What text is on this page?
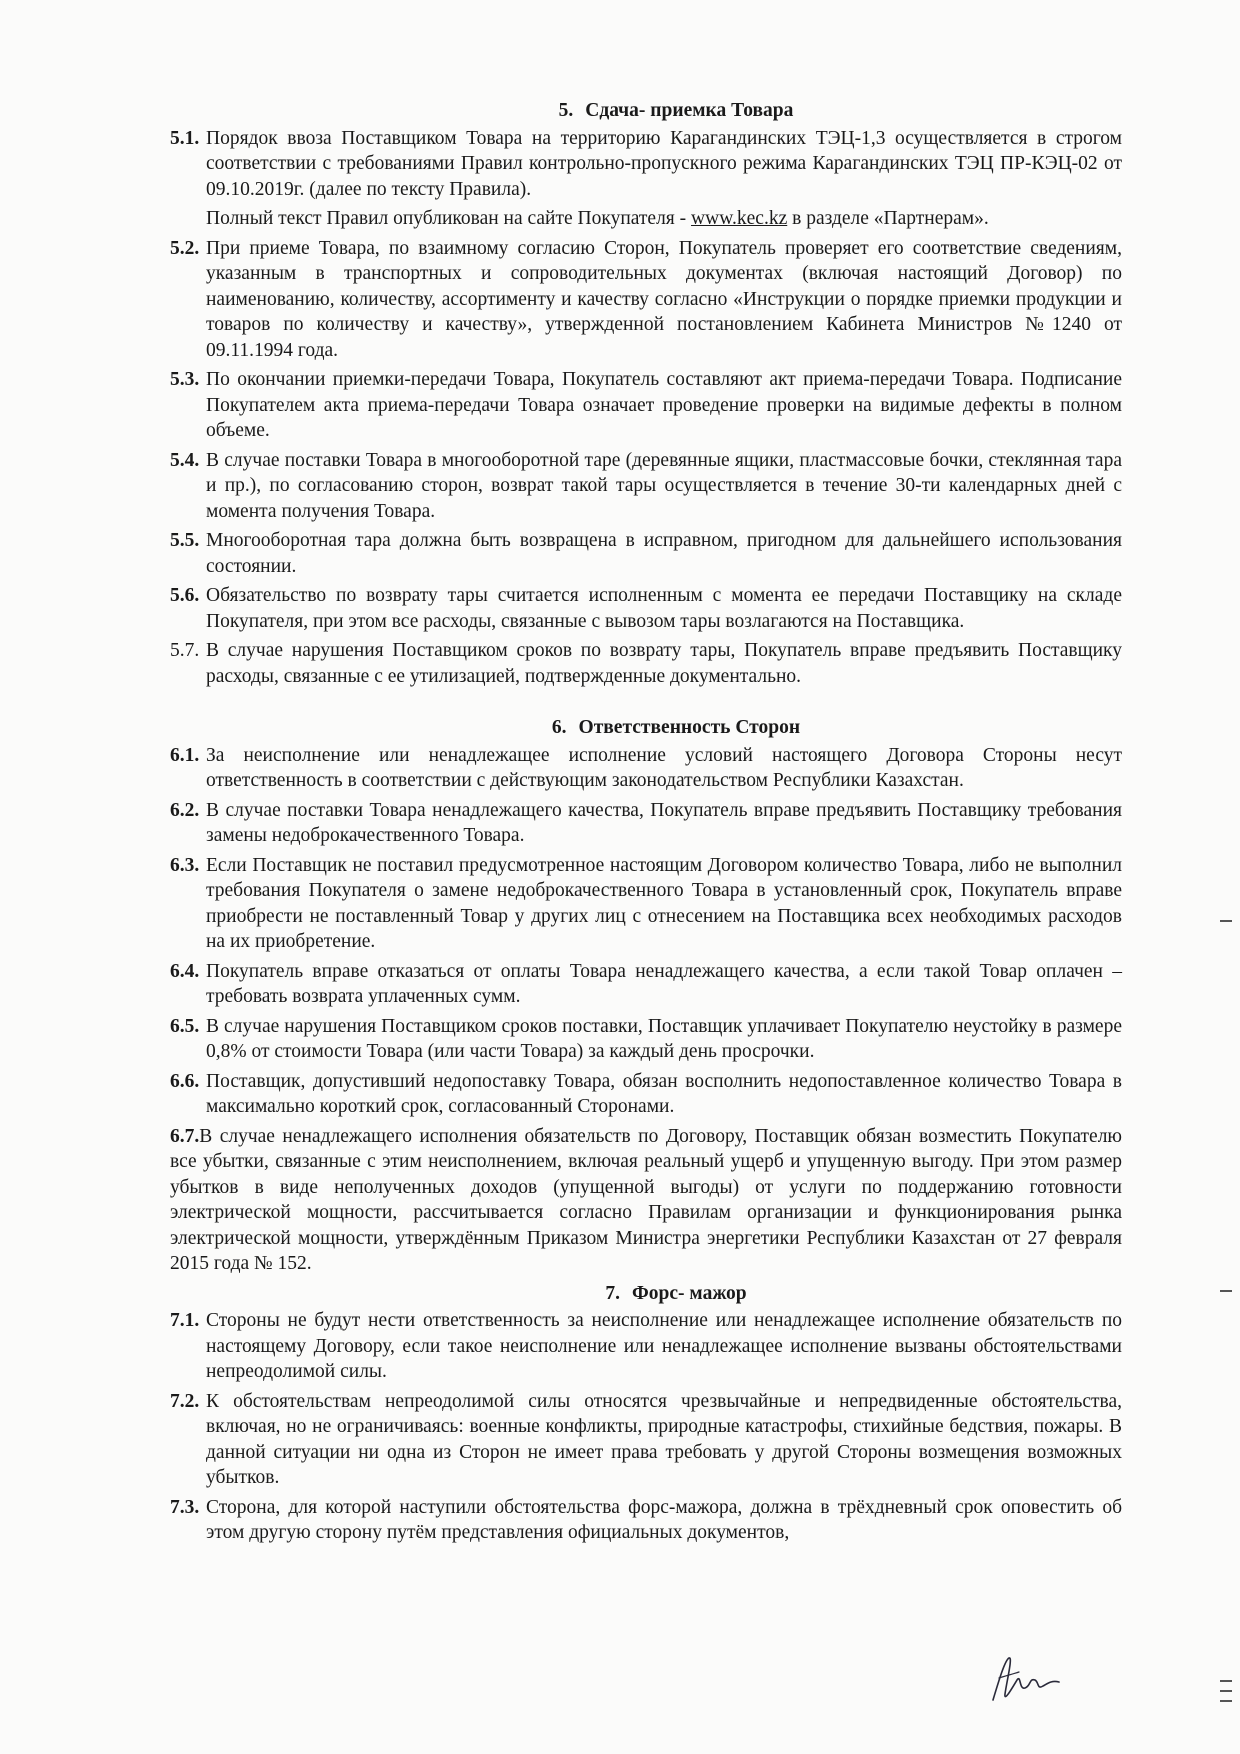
5. Сдача- приемка Товара
5.1. Порядок ввоза Поставщиком Товара на территорию Карагандинских ТЭЦ-1,3 осуществляется в строгом соответствии с требованиями Правил контрольно-пропускного режима Карагандинских ТЭЦ ПР-КЭЦ-02 от 09.10.2019г. (далее по тексту Правила).
Полный текст Правил опубликован на сайте Покупателя - www.kec.kz в разделе «Партнерам».
5.2. При приеме Товара, по взаимному согласию Сторон, Покупатель проверяет его соответствие сведениям, указанным в транспортных и сопроводительных документах (включая настоящий Договор) по наименованию, количеству, ассортименту и качеству согласно «Инструкции о порядке приемки продукции и товаров по количеству и качеству», утвержденной постановлением Кабинета Министров №1240 от 09.11.1994 года.
5.3. По окончании приемки-передачи Товара, Покупатель составляют акт приема-передачи Товара. Подписание Покупателем акта приема-передачи Товара означает проведение проверки на видимые дефекты в полном объеме.
5.4. В случае поставки Товара в многооборотной таре (деревянные ящики, пластмассовые бочки, стеклянная тара и пр.), по согласованию сторон, возврат такой тары осуществляется в течение 30-ти календарных дней с момента получения Товара.
5.5. Многооборотная тара должна быть возвращена в исправном, пригодном для дальнейшего использования состоянии.
5.6. Обязательство по возврату тары считается исполненным с момента ее передачи Поставщику на складе Покупателя, при этом все расходы, связанные с вывозом тары возлагаются на Поставщика.
5.7. В случае нарушения Поставщиком сроков по возврату тары, Покупатель вправе предъявить Поставщику расходы, связанные с ее утилизацией, подтвержденные документально.
6. Ответственность Сторон
6.1. За неисполнение или ненадлежащее исполнение условий настоящего Договора Стороны несут ответственность в соответствии с действующим законодательством Республики Казахстан.
6.2. В случае поставки Товара ненадлежащего качества, Покупатель вправе предъявить Поставщику требования замены недоброкачественного Товара.
6.3. Если Поставщик не поставил предусмотренное настоящим Договором количество Товара, либо не выполнил требования Покупателя о замене недоброкачественного Товара в установленный срок, Покупатель вправе приобрести не поставленный Товар у других лиц с отнесением на Поставщика всех необходимых расходов на их приобретение.
6.4. Покупатель вправе отказаться от оплаты Товара ненадлежащего качества, а если такой Товар оплачен – требовать возврата уплаченных сумм.
6.5. В случае нарушения Поставщиком сроков поставки, Поставщик уплачивает Покупателю неустойку в размере 0,8% от стоимости Товара (или части Товара) за каждый день просрочки.
6.6. Поставщик, допустивший недопоставку Товара, обязан восполнить недопоставленное количество Товара в максимально короткий срок, согласованный Сторонами.
6.7.В случае ненадлежащего исполнения обязательств по Договору, Поставщик обязан возместить Покупателю все убытки, связанные с этим неисполнением, включая реальный ущерб и упущенную выгоду. При этом размер убытков в виде неполученных доходов (упущенной выгоды) от услуги по поддержанию готовности электрической мощности, рассчитывается согласно Правилам организации и функционирования рынка электрической мощности, утверждённым Приказом Министра энергетики Республики Казахстан от 27 февраля 2015 года № 152.
7. Форс- мажор
7.1. Стороны не будут нести ответственность за неисполнение или ненадлежащее исполнение обязательств по настоящему Договору, если такое неисполнение или ненадлежащее исполнение вызваны обстоятельствами непреодолимой силы.
7.2. К обстоятельствам непреодолимой силы относятся чрезвычайные и непредвиденные обстоятельства, включая, но не ограничиваясь: военные конфликты, природные катастрофы, стихийные бедствия, пожары. В данной ситуации ни одна из Сторон не имеет права требовать у другой Стороны возмещения возможных убытков.
7.3. Сторона, для которой наступили обстоятельства форс-мажора, должна в трёхдневный срок оповестить об этом другую сторону путём представления официальных документов,
